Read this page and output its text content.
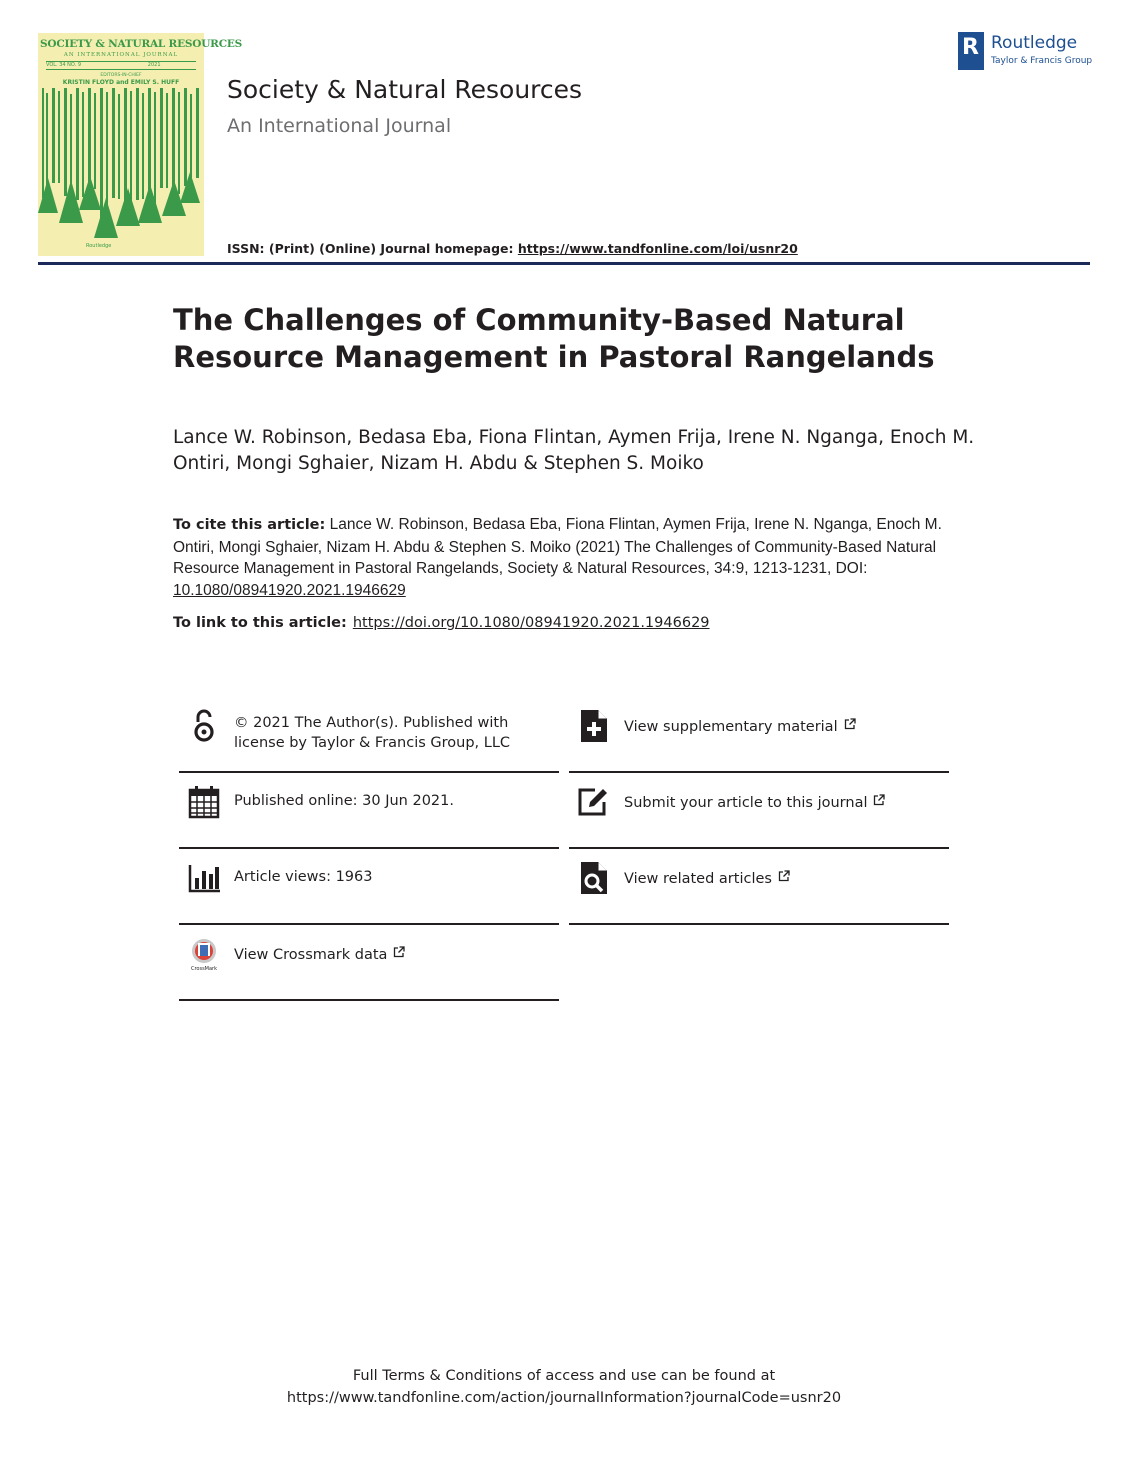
SOCIETY & NATURAL RESOURCES
AN INTERNATIONAL JOURNAL
VOL. 34 NO. 9	2021
EDITORS-IN-CHIEF
KRISTIN FLOYD and EMILY S. HUFF
Routledge
Society & Natural Resources
An International Journal
ISSN: (Print) (Online) Journal homepage: https://www.tandfonline.com/loi/usnr20
R Routledge
Taylor & Francis Group
The Challenges of Community-Based Natural Resource Management in Pastoral Rangelands
Lance W. Robinson, Bedasa Eba, Fiona Flintan, Aymen Frija, Irene N. Nganga, Enoch M. Ontiri, Mongi Sghaier, Nizam H. Abdu & Stephen S. Moiko
To cite this article: Lance W. Robinson, Bedasa Eba, Fiona Flintan, Aymen Frija, Irene N. Nganga, Enoch M. Ontiri, Mongi Sghaier, Nizam H. Abdu & Stephen S. Moiko (2021) The Challenges of Community-Based Natural Resource Management in Pastoral Rangelands, Society & Natural Resources, 34:9, 1213-1231, DOI: 10.1080/08941920.2021.1946629
To link to this article: https://doi.org/10.1080/08941920.2021.1946629
© 2021 The Author(s). Published with
license by Taylor & Francis Group, LLC
Published online: 30 Jun 2021.
Article views: 1963
CrossMark
View Crossmark data
View supplementary material
Submit your article to this journal
View related articles
Full Terms & Conditions of access and use can be found at
https://www.tandfonline.com/action/journalInformation?journalCode=usnr20
